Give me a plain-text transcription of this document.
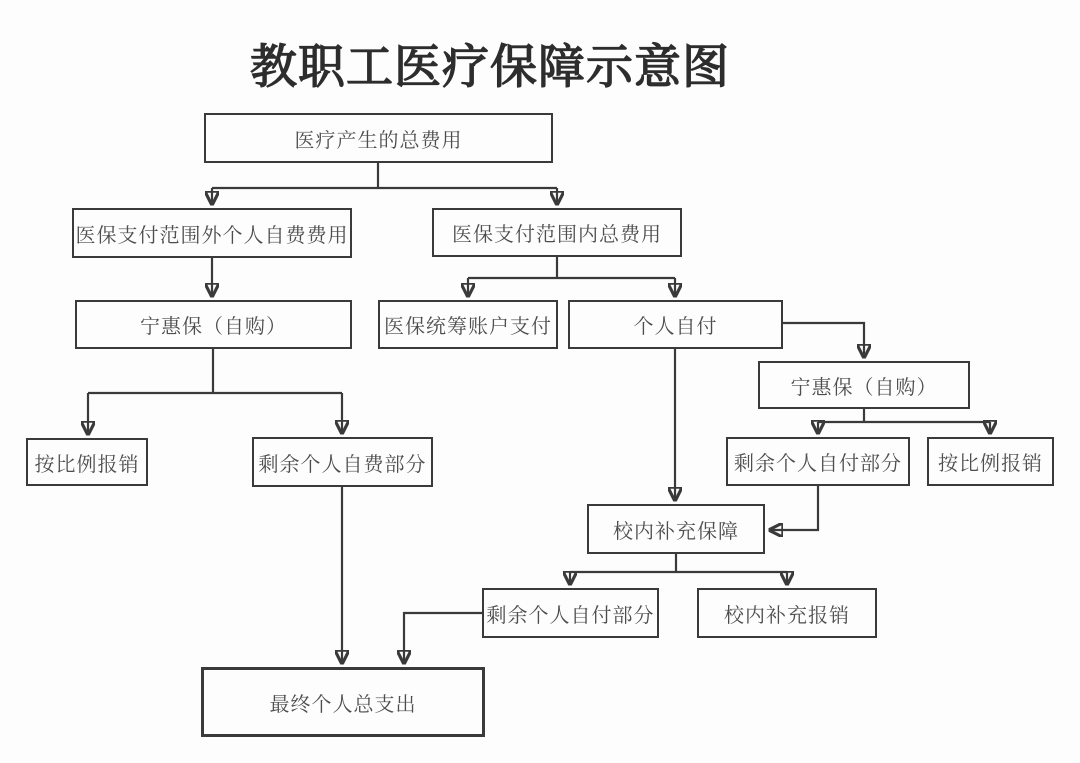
教职工医疗保障示意图
医疗产生的总费用
医保支付范围外个人自费费用	医保支付范围内总费用
宁惠保（自购）	医保统筹账户支付	个人自付
宁惠保（自购）
按比例报销	剩余个人自费部分	剩余个人自付部分	按比例报销
校内补充保障
剩余个人自付部分	校内补充报销
最终个人总支出
